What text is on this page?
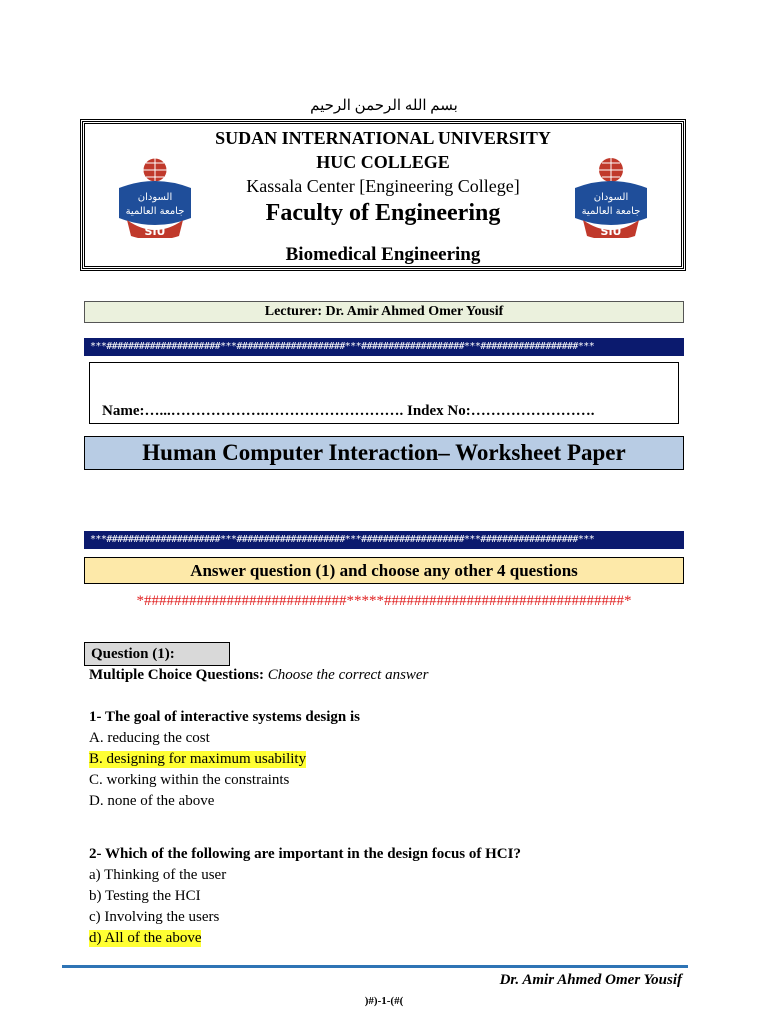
بسم الله الرحمن الرحيم
SUDAN INTERNATIONAL UNIVERSITY
HUC COLLEGE
Kassala Center [Engineering College]
Faculty of Engineering
Biomedical Engineering
السودان
جامعة العالمية
SIU
السودان
جامعة العالمية
SIU
Lecturer: Dr. Amir Ahmed Omer Yousif
***#####################***####################***###################***##################***
Name:…...……………….………………………. Index No:…………………….
Human Computer Interaction– Worksheet Paper
***#####################***####################***###################***##################***
Answer question (1) and choose any other 4 questions
*###########################*****################################*
Question (1):
Multiple Choice Questions: Choose the correct answer
1- The goal of interactive systems design is
A. reducing the cost
B. designing for maximum usability
C. working within the constraints
D. none of the above
2- Which of the following are important in the design focus of HCI?
a) Thinking of the user
b) Testing the HCI
c) Involving the users
d) All of the above
Dr. Amir Ahmed Omer Yousif
)#)-1-(#(
